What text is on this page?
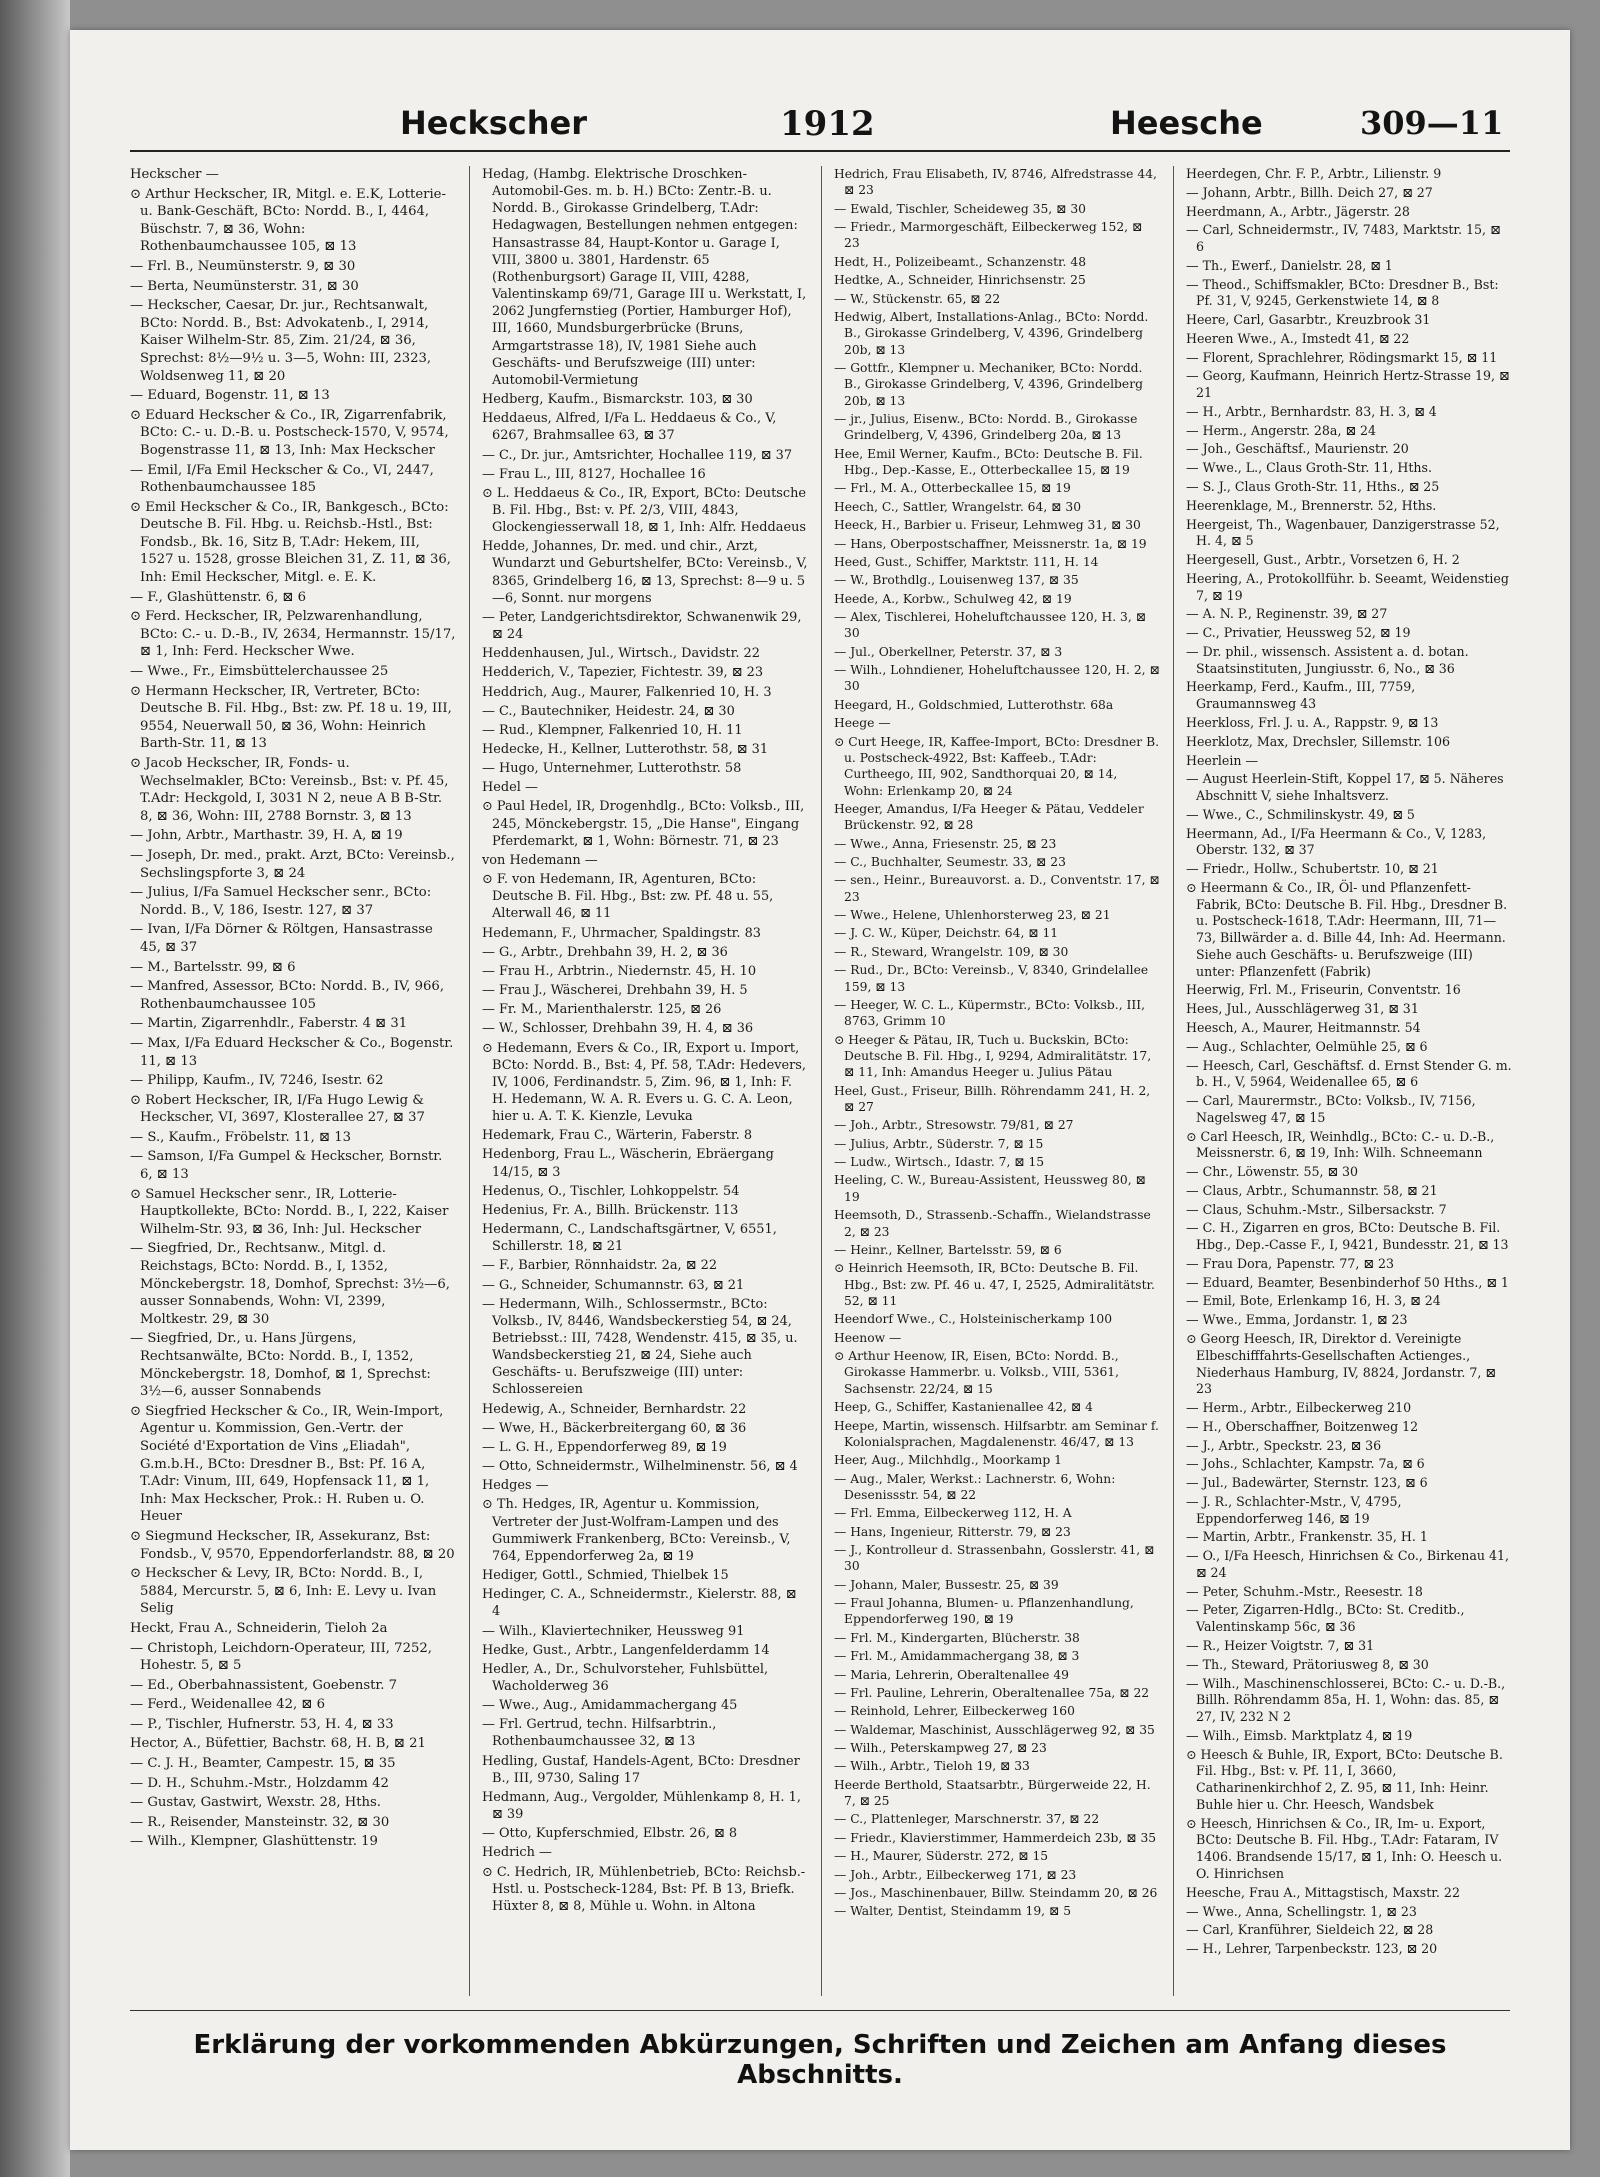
Heckscher	1912	Heesche	309—11
Heckscher —
⊙ Arthur Heckscher, IR, Mitgl. e. E.K, Lotterie- u. Bank-Geschäft, BCto: Nordd. B., I, 4464, Büschstr. 7, ⊠ 36, Wohn: Rothenbaumchaussee 105, ⊠ 13
— Frl. B., Neumünsterstr. 9, ⊠ 30
— Berta, Neumünsterstr. 31, ⊠ 30
— Heckscher, Caesar, Dr. jur., Rechtsanwalt, BCto: Nordd. B., Bst: Advokatenb., I, 2914, Kaiser Wilhelm-Str. 85, Zim. 21/24, ⊠ 36, Sprechst: 8½—9½ u. 3—5, Wohn: III, 2323, Woldsenweg 11, ⊠ 20
— Eduard, Bogenstr. 11, ⊠ 13
⊙ Eduard Heckscher & Co., IR, Zigarrenfabrik, BCto: C.- u. D.-B. u. Postscheck-1570, V, 9574, Bogenstrasse 11, ⊠ 13, Inh: Max Heckscher
— Emil, I/Fa Emil Heckscher & Co., VI, 2447, Rothenbaumchaussee 185
⊙ Emil Heckscher & Co., IR, Bankgesch., BCto: Deutsche B. Fil. Hbg. u. Reichsb.-Hstl., Bst: Fondsb., Bk. 16, Sitz B, T.Adr: Hekem, III, 1527 u. 1528, grosse Bleichen 31, Z. 11, ⊠ 36, Inh: Emil Heckscher, Mitgl. e. E. K.
— F., Glashüttenstr. 6, ⊠ 6
⊙ Ferd. Heckscher, IR, Pelzwarenhandlung, BCto: C.- u. D.-B., IV, 2634, Hermannstr. 15/17, ⊠ 1, Inh: Ferd. Heckscher Wwe.
— Wwe., Fr., Eimsbüttelerchaussee 25
⊙ Hermann Heckscher, IR, Vertreter, BCto: Deutsche B. Fil. Hbg., Bst: zw. Pf. 18 u. 19, III, 9554, Neuerwall 50, ⊠ 36, Wohn: Heinrich Barth-Str. 11, ⊠ 13
⊙ Jacob Heckscher, IR, Fonds- u. Wechselmakler, BCto: Vereinsb., Bst: v. Pf. 45, T.Adr: Heckgold, I, 3031 N 2, neue A B B-Str. 8, ⊠ 36, Wohn: III, 2788 Bornstr. 3, ⊠ 13
— John, Arbtr., Marthastr. 39, H. A, ⊠ 19
— Joseph, Dr. med., prakt. Arzt, BCto: Vereinsb., Sechslingspforte 3, ⊠ 24
— Julius, I/Fa Samuel Heckscher senr., BCto: Nordd. B., V, 186, Isestr. 127, ⊠ 37
— Ivan, I/Fa Dörner & Röltgen, Hansastrasse 45, ⊠ 37
— M., Bartelsstr. 99, ⊠ 6
— Manfred, Assessor, BCto: Nordd. B., IV, 966, Rothenbaumchaussee 105
— Martin, Zigarrenhdlr., Faberstr. 4 ⊠ 31
— Max, I/Fa Eduard Heckscher & Co., Bogenstr. 11, ⊠ 13
— Philipp, Kaufm., IV, 7246, Isestr. 62
⊙ Robert Heckscher, IR, I/Fa Hugo Lewig & Heckscher, VI, 3697, Klosterallee 27, ⊠ 37
— S., Kaufm., Fröbelstr. 11, ⊠ 13
— Samson, I/Fa Gumpel & Heckscher, Bornstr. 6, ⊠ 13
⊙ Samuel Heckscher senr., IR, Lotterie-Hauptkollekte, BCto: Nordd. B., I, 222, Kaiser Wilhelm-Str. 93, ⊠ 36, Inh: Jul. Heckscher
— Siegfried, Dr., Rechtsanw., Mitgl. d. Reichstags, BCto: Nordd. B., I, 1352, Mönckebergstr. 18, Domhof, Sprechst: 3½—6, ausser Sonnabends, Wohn: VI, 2399, Moltkestr. 29, ⊠ 30
— Siegfried, Dr., u. Hans Jürgens, Rechtsanwälte, BCto: Nordd. B., I, 1352, Mönckebergstr. 18, Domhof, ⊠ 1, Sprechst: 3½—6, ausser Sonnabends
⊙ Siegfried Heckscher & Co., IR, Wein-Import, Agentur u. Kommission, Gen.-Vertr. der Société d'Exportation de Vins „Eliadah", G.m.b.H., BCto: Dresdner B., Bst: Pf. 16 A, T.Adr: Vinum, III, 649, Hopfensack 11, ⊠ 1, Inh: Max Heckscher, Prok.: H. Ruben u. O. Heuer
⊙ Siegmund Heckscher, IR, Assekuranz, Bst: Fondsb., V, 9570, Eppendorferlandstr. 88, ⊠ 20
⊙ Heckscher & Levy, IR, BCto: Nordd. B., I, 5884, Mercurstr. 5, ⊠ 6, Inh: E. Levy u. Ivan Selig
Heckt, Frau A., Schneiderin, Tieloh 2a
— Christoph, Leichdorn-Operateur, III, 7252, Hohestr. 5, ⊠ 5
— Ed., Oberbahnassistent, Goebenstr. 7
— Ferd., Weidenallee 42, ⊠ 6
— P., Tischler, Hufnerstr. 53, H. 4, ⊠ 33
Hector, A., Büfettier, Bachstr. 68, H. B, ⊠ 21
— C. J. H., Beamter, Campestr. 15, ⊠ 35
— D. H., Schuhm.-Mstr., Holzdamm 42
— Gustav, Gastwirt, Wexstr. 28, Hths.
— R., Reisender, Mansteinstr. 32, ⊠ 30
— Wilh., Klempner, Glashüttenstr. 19
Hedag, (Hambg. Elektrische Droschken-Automobil-Ges. m. b. H.) BCto: Zentr.-B. u. Nordd. B., Girokasse Grindelberg, T.Adr: Hedagwagen, Bestellungen nehmen entgegen: Hansastrasse 84, Haupt-Kontor u. Garage I, VIII, 3800 u. 3801, Hardenstr. 65 (Rothenburgsort) Garage II, VIII, 4288, Valentinskamp 69/71, Garage III u. Werkstatt, I, 2062 Jungfernstieg (Portier, Hamburger Hof), III, 1660, Mundsburgerbrücke (Bruns, Armgartstrasse 18), IV, 1981 Siehe auch Geschäfts- und Berufszweige (III) unter: Automobil-Vermietung
Hedberg, Kaufm., Bismarckstr. 103, ⊠ 30
Heddaeus, Alfred, I/Fa L. Heddaeus & Co., V, 6267, Brahmsallee 63, ⊠ 37
— C., Dr. jur., Amtsrichter, Hochallee 119, ⊠ 37
— Frau L., III, 8127, Hochallee 16
⊙ L. Heddaeus & Co., IR, Export, BCto: Deutsche B. Fil. Hbg., Bst: v. Pf. 2/3, VIII, 4843, Glockengiesserwall 18, ⊠ 1, Inh: Alfr. Heddaeus
Hedde, Johannes, Dr. med. und chir., Arzt, Wundarzt und Geburtshelfer, BCto: Vereinsb., V, 8365, Grindelberg 16, ⊠ 13, Sprechst: 8—9 u. 5—6, Sonnt. nur morgens
— Peter, Landgerichtsdirektor, Schwanenwik 29, ⊠ 24
Heddenhausen, Jul., Wirtsch., Davidstr. 22
Hedderich, V., Tapezier, Fichtestr. 39, ⊠ 23
Heddrich, Aug., Maurer, Falkenried 10, H. 3
— C., Bautechniker, Heidestr. 24, ⊠ 30
— Rud., Klempner, Falkenried 10, H. 11
Hedecke, H., Kellner, Lutterothstr. 58, ⊠ 31
— Hugo, Unternehmer, Lutterothstr. 58
Hedel —
⊙ Paul Hedel, IR, Drogenhdlg., BCto: Volksb., III, 245, Mönckebergstr. 15, „Die Hanse", Eingang Pferdemarkt, ⊠ 1, Wohn: Börnestr. 71, ⊠ 23
von Hedemann —
⊙ F. von Hedemann, IR, Agenturen, BCto: Deutsche B. Fil. Hbg., Bst: zw. Pf. 48 u. 55, Alterwall 46, ⊠ 11
Hedemann, F., Uhrmacher, Spaldingstr. 83
— G., Arbtr., Drehbahn 39, H. 2, ⊠ 36
— Frau H., Arbtrin., Niedernstr. 45, H. 10
— Frau J., Wäscherei, Drehbahn 39, H. 5
— Fr. M., Marienthalerstr. 125, ⊠ 26
— W., Schlosser, Drehbahn 39, H. 4, ⊠ 36
⊙ Hedemann, Evers & Co., IR, Export u. Import, BCto: Nordd. B., Bst: 4, Pf. 58, T.Adr: Hedevers, IV, 1006, Ferdinandstr. 5, Zim. 96, ⊠ 1, Inh: F. H. Hedemann, W. A. R. Evers u. G. C. A. Leon, hier u. A. T. K. Kienzle, Levuka
Hedemark, Frau C., Wärterin, Faberstr. 8
Hedenborg, Frau L., Wäscherin, Ebräergang 14/15, ⊠ 3
Hedenus, O., Tischler, Lohkoppelstr. 54
Hedenius, Fr. A., Billh. Brückenstr. 113
Hedermann, C., Landschaftsgärtner, V, 6551, Schillerstr. 18, ⊠ 21
— F., Barbier, Rönnhaidstr. 2a, ⊠ 22
— G., Schneider, Schumannstr. 63, ⊠ 21
— Hedermann, Wilh., Schlossermstr., BCto: Volksb., IV, 8446, Wandsbeckerstieg 54, ⊠ 24, Betriebsst.: III, 7428, Wendenstr. 415, ⊠ 35, u. Wandsbeckerstieg 21, ⊠ 24, Siehe auch Geschäfts- u. Berufszweige (III) unter: Schlossereien
Hedewig, A., Schneider, Bernhardstr. 22
— Wwe, H., Bäckerbreitergang 60, ⊠ 36
— L. G. H., Eppendorferweg 89, ⊠ 19
— Otto, Schneidermstr., Wilhelminenstr. 56, ⊠ 4
Hedges —
⊙ Th. Hedges, IR, Agentur u. Kommission, Vertreter der Just-Wolfram-Lampen und des Gummiwerk Frankenberg, BCto: Vereinsb., V, 764, Eppendorferweg 2a, ⊠ 19
Hediger, Gottl., Schmied, Thielbek 15
Hedinger, C. A., Schneidermstr., Kielerstr. 88, ⊠ 4
— Wilh., Klaviertechniker, Heussweg 91
Hedke, Gust., Arbtr., Langenfelderdamm 14
Hedler, A., Dr., Schulvorsteher, Fuhlsbüttel, Wacholderweg 36
— Wwe., Aug., Amidammachergang 45
— Frl. Gertrud, techn. Hilfsarbtrin., Rothenbaumchaussee 32, ⊠ 13
Hedling, Gustaf, Handels-Agent, BCto: Dresdner B., III, 9730, Saling 17
Hedmann, Aug., Vergolder, Mühlenkamp 8, H. 1, ⊠ 39
— Otto, Kupferschmied, Elbstr. 26, ⊠ 8
Hedrich —
⊙ C. Hedrich, IR, Mühlenbetrieb, BCto: Reichsb.-Hstl. u. Postscheck-1284, Bst: Pf. B 13, Briefk. Hüxter 8, ⊠ 8, Mühle u. Wohn. in Altona
Hedrich, Frau Elisabeth, IV, 8746, Alfredstrasse 44, ⊠ 23
— Ewald, Tischler, Scheideweg 35, ⊠ 30
— Friedr., Marmorgeschäft, Eilbeckerweg 152, ⊠ 23
Hedt, H., Polizeibeamt., Schanzenstr. 48
Hedtke, A., Schneider, Hinrichsenstr. 25
— W., Stückenstr. 65, ⊠ 22
Hedwig, Albert, Installations-Anlag., BCto: Nordd. B., Girokasse Grindelberg, V, 4396, Grindelberg 20b, ⊠ 13
— Gottfr., Klempner u. Mechaniker, BCto: Nordd. B., Girokasse Grindelberg, V, 4396, Grindelberg 20b, ⊠ 13
— jr., Julius, Eisenw., BCto: Nordd. B., Girokasse Grindelberg, V, 4396, Grindelberg 20a, ⊠ 13
Hee, Emil Werner, Kaufm., BCto: Deutsche B. Fil. Hbg., Dep.-Kasse, E., Otterbeckallee 15, ⊠ 19
— Frl., M. A., Otterbeckallee 15, ⊠ 19
Heech, C., Sattler, Wrangelstr. 64, ⊠ 30
Heeck, H., Barbier u. Friseur, Lehmweg 31, ⊠ 30
— Hans, Oberpostschaffner, Meissnerstr. 1a, ⊠ 19
Heed, Gust., Schiffer, Marktstr. 111, H. 14
— W., Brothdlg., Louisenweg 137, ⊠ 35
Heede, A., Korbw., Schulweg 42, ⊠ 19
— Alex, Tischlerei, Hoheluftchaussee 120, H. 3, ⊠ 30
— Jul., Oberkellner, Peterstr. 37, ⊠ 3
— Wilh., Lohndiener, Hoheluftchaussee 120, H. 2, ⊠ 30
Heegard, H., Goldschmied, Lutterothstr. 68a
Heege —
⊙ Curt Heege, IR, Kaffee-Import, BCto: Dresdner B. u. Postscheck-4922, Bst: Kaffeeb., T.Adr: Curtheego, III, 902, Sandthorquai 20, ⊠ 14, Wohn: Erlenkamp 20, ⊠ 24
Heeger, Amandus, I/Fa Heeger & Pätau, Veddeler Brückenstr. 92, ⊠ 28
— Wwe., Anna, Friesenstr. 25, ⊠ 23
— C., Buchhalter, Seumestr. 33, ⊠ 23
— sen., Heinr., Bureauvorst. a. D., Conventstr. 17, ⊠ 23
— Wwe., Helene, Uhlenhorsterweg 23, ⊠ 21
— J. C. W., Küper, Deichstr. 64, ⊠ 11
— R., Steward, Wrangelstr. 109, ⊠ 30
— Rud., Dr., BCto: Vereinsb., V, 8340, Grindelallee 159, ⊠ 13
— Heeger, W. C. L., Küpermstr., BCto: Volksb., III, 8763, Grimm 10
⊙ Heeger & Pätau, IR, Tuch u. Buckskin, BCto: Deutsche B. Fil. Hbg., I, 9294, Admiralitätstr. 17, ⊠ 11, Inh: Amandus Heeger u. Julius Pätau
Heel, Gust., Friseur, Billh. Röhrendamm 241, H. 2, ⊠ 27
— Joh., Arbtr., Stresowstr. 79/81, ⊠ 27
— Julius, Arbtr., Süderstr. 7, ⊠ 15
— Ludw., Wirtsch., Idastr. 7, ⊠ 15
Heeling, C. W., Bureau-Assistent, Heussweg 80, ⊠ 19
Heemsoth, D., Strassenb.-Schaffn., Wielandstrasse 2, ⊠ 23
— Heinr., Kellner, Bartelsstr. 59, ⊠ 6
⊙ Heinrich Heemsoth, IR, BCto: Deutsche B. Fil. Hbg., Bst: zw. Pf. 46 u. 47, I, 2525, Admiralitätstr. 52, ⊠ 11
Heendorf Wwe., C., Holsteinischerkamp 100
Heenow —
⊙ Arthur Heenow, IR, Eisen, BCto: Nordd. B., Girokasse Hammerbr. u. Volksb., VIII, 5361, Sachsenstr. 22/24, ⊠ 15
Heep, G., Schiffer, Kastanienallee 42, ⊠ 4
Heepe, Martin, wissensch. Hilfsarbtr. am Seminar f. Kolonialsprachen, Magdalenenstr. 46/47, ⊠ 13
Heer, Aug., Milchhdlg., Moorkamp 1
— Aug., Maler, Werkst.: Lachnerstr. 6, Wohn: Desenissstr. 54, ⊠ 22
— Frl. Emma, Eilbeckerweg 112, H. A
— Hans, Ingenieur, Ritterstr. 79, ⊠ 23
— J., Kontrolleur d. Strassenbahn, Gosslerstr. 41, ⊠ 30
— Johann, Maler, Bussestr. 25, ⊠ 39
— Fraul Johanna, Blumen- u. Pflanzenhandlung, Eppendorferweg 190, ⊠ 19
— Frl. M., Kindergarten, Blücherstr. 38
— Frl. M., Amidammachergang 38, ⊠ 3
— Maria, Lehrerin, Oberaltenallee 49
— Frl. Pauline, Lehrerin, Oberaltenallee 75a, ⊠ 22
— Reinhold, Lehrer, Eilbeckerweg 160
— Waldemar, Maschinist, Ausschlägerweg 92, ⊠ 35
— Wilh., Peterskampweg 27, ⊠ 23
— Wilh., Arbtr., Tieloh 19, ⊠ 33
Heerde Berthold, Staatsarbtr., Bürgerweide 22, H. 7, ⊠ 25
— C., Plattenleger, Marschnerstr. 37, ⊠ 22
— Friedr., Klavierstimmer, Hammerdeich 23b, ⊠ 35
— H., Maurer, Süderstr. 272, ⊠ 15
— Joh., Arbtr., Eilbeckerweg 171, ⊠ 23
— Jos., Maschinenbauer, Billw. Steindamm 20, ⊠ 26
— Walter, Dentist, Steindamm 19, ⊠ 5
Heerdegen, Chr. F. P., Arbtr., Lilienstr. 9
— Johann, Arbtr., Billh. Deich 27, ⊠ 27
Heerdmann, A., Arbtr., Jägerstr. 28
— Carl, Schneidermstr., IV, 7483, Marktstr. 15, ⊠ 6
— Th., Ewerf., Danielstr. 28, ⊠ 1
— Theod., Schiffsmakler, BCto: Dresdner B., Bst: Pf. 31, V, 9245, Gerkenstwiete 14, ⊠ 8
Heere, Carl, Gasarbtr., Kreuzbrook 31
Heeren Wwe., A., Imstedt 41, ⊠ 22
— Florent, Sprachlehrer, Rödingsmarkt 15, ⊠ 11
— Georg, Kaufmann, Heinrich Hertz-Strasse 19, ⊠ 21
— H., Arbtr., Bernhardstr. 83, H. 3, ⊠ 4
— Herm., Angerstr. 28a, ⊠ 24
— Joh., Geschäftsf., Maurienstr. 20
— Wwe., L., Claus Groth-Str. 11, Hths.
— S. J., Claus Groth-Str. 11, Hths., ⊠ 25
Heerenklage, M., Brennerstr. 52, Hths.
Heergeist, Th., Wagenbauer, Danzigerstrasse 52, H. 4, ⊠ 5
Heergesell, Gust., Arbtr., Vorsetzen 6, H. 2
Heering, A., Protokollführ. b. Seeamt, Weidenstieg 7, ⊠ 19
— A. N. P., Reginenstr. 39, ⊠ 27
— C., Privatier, Heussweg 52, ⊠ 19
— Dr. phil., wissensch. Assistent a. d. botan. Staatsinstituten, Jungiusstr. 6, No., ⊠ 36
Heerkamp, Ferd., Kaufm., III, 7759, Graumannsweg 43
Heerkloss, Frl. J. u. A., Rappstr. 9, ⊠ 13
Heerklotz, Max, Drechsler, Sillemstr. 106
Heerlein —
— August Heerlein-Stift, Koppel 17, ⊠ 5. Näheres Abschnitt V, siehe Inhaltsverz.
— Wwe., C., Schmilinskystr. 49, ⊠ 5
Heermann, Ad., I/Fa Heermann & Co., V, 1283, Oberstr. 132, ⊠ 37
— Friedr., Hollw., Schubertstr. 10, ⊠ 21
⊙ Heermann & Co., IR, Öl- und Pflanzenfett-Fabrik, BCto: Deutsche B. Fil. Hbg., Dresdner B. u. Postscheck-1618, T.Adr: Heermann, III, 71—73, Billwärder a. d. Bille 44, Inh: Ad. Heermann. Siehe auch Geschäfts- u. Berufszweige (III) unter: Pflanzenfett (Fabrik)
Heerwig, Frl. M., Friseurin, Conventstr. 16
Hees, Jul., Ausschlägerweg 31, ⊠ 31
Heesch, A., Maurer, Heitmannstr. 54
— Aug., Schlachter, Oelmühle 25, ⊠ 6
— Heesch, Carl, Geschäftsf. d. Ernst Stender G. m. b. H., V, 5964, Weidenallee 65, ⊠ 6
— Carl, Maurermstr., BCto: Volksb., IV, 7156, Nagelsweg 47, ⊠ 15
⊙ Carl Heesch, IR, Weinhdlg., BCto: C.- u. D.-B., Meissnerstr. 6, ⊠ 19, Inh: Wilh. Schneemann
— Chr., Löwenstr. 55, ⊠ 30
— Claus, Arbtr., Schumannstr. 58, ⊠ 21
— Claus, Schuhm.-Mstr., Silbersackstr. 7
— C. H., Zigarren en gros, BCto: Deutsche B. Fil. Hbg., Dep.-Casse F., I, 9421, Bundesstr. 21, ⊠ 13
— Frau Dora, Papenstr. 77, ⊠ 23
— Eduard, Beamter, Besenbinderhof 50 Hths., ⊠ 1
— Emil, Bote, Erlenkamp 16, H. 3, ⊠ 24
— Wwe., Emma, Jordanstr. 1, ⊠ 23
⊙ Georg Heesch, IR, Direktor d. Vereinigte Elbeschifffahrts-Gesellschaften Actienges., Niederhaus Hamburg, IV, 8824, Jordanstr. 7, ⊠ 23
— Herm., Arbtr., Eilbeckerweg 210
— H., Oberschaffner, Boitzenweg 12
— J., Arbtr., Speckstr. 23, ⊠ 36
— Johs., Schlachter, Kampstr. 7a, ⊠ 6
— Jul., Badewärter, Sternstr. 123, ⊠ 6
— J. R., Schlachter-Mstr., V, 4795, Eppendorferweg 146, ⊠ 19
— Martin, Arbtr., Frankenstr. 35, H. 1
— O., I/Fa Heesch, Hinrichsen & Co., Birkenau 41, ⊠ 24
— Peter, Schuhm.-Mstr., Reesestr. 18
— Peter, Zigarren-Hdlg., BCto: St. Creditb., Valentinskamp 56c, ⊠ 36
— R., Heizer Voigtstr. 7, ⊠ 31
— Th., Steward, Prätoriusweg 8, ⊠ 30
— Wilh., Maschinenschlosserei, BCto: C.- u. D.-B., Billh. Röhrendamm 85a, H. 1, Wohn: das. 85, ⊠ 27, IV, 232 N 2
— Wilh., Eimsb. Marktplatz 4, ⊠ 19
⊙ Heesch & Buhle, IR, Export, BCto: Deutsche B. Fil. Hbg., Bst: v. Pf. 11, I, 3660, Catharinenkirchhof 2, Z. 95, ⊠ 11, Inh: Heinr. Buhle hier u. Chr. Heesch, Wandsbek
⊙ Heesch, Hinrichsen & Co., IR, Im- u. Export, BCto: Deutsche B. Fil. Hbg., T.Adr: Fataram, IV 1406. Brandsende 15/17, ⊠ 1, Inh: O. Heesch u. O. Hinrichsen
Heesche, Frau A., Mittagstisch, Maxstr. 22
— Wwe., Anna, Schellingstr. 1, ⊠ 23
— Carl, Kranführer, Sieldeich 22, ⊠ 28
— H., Lehrer, Tarpenbeckstr. 123, ⊠ 20
Erklärung der vorkommenden Abkürzungen, Schriften und Zeichen am Anfang dieses Abschnitts.
